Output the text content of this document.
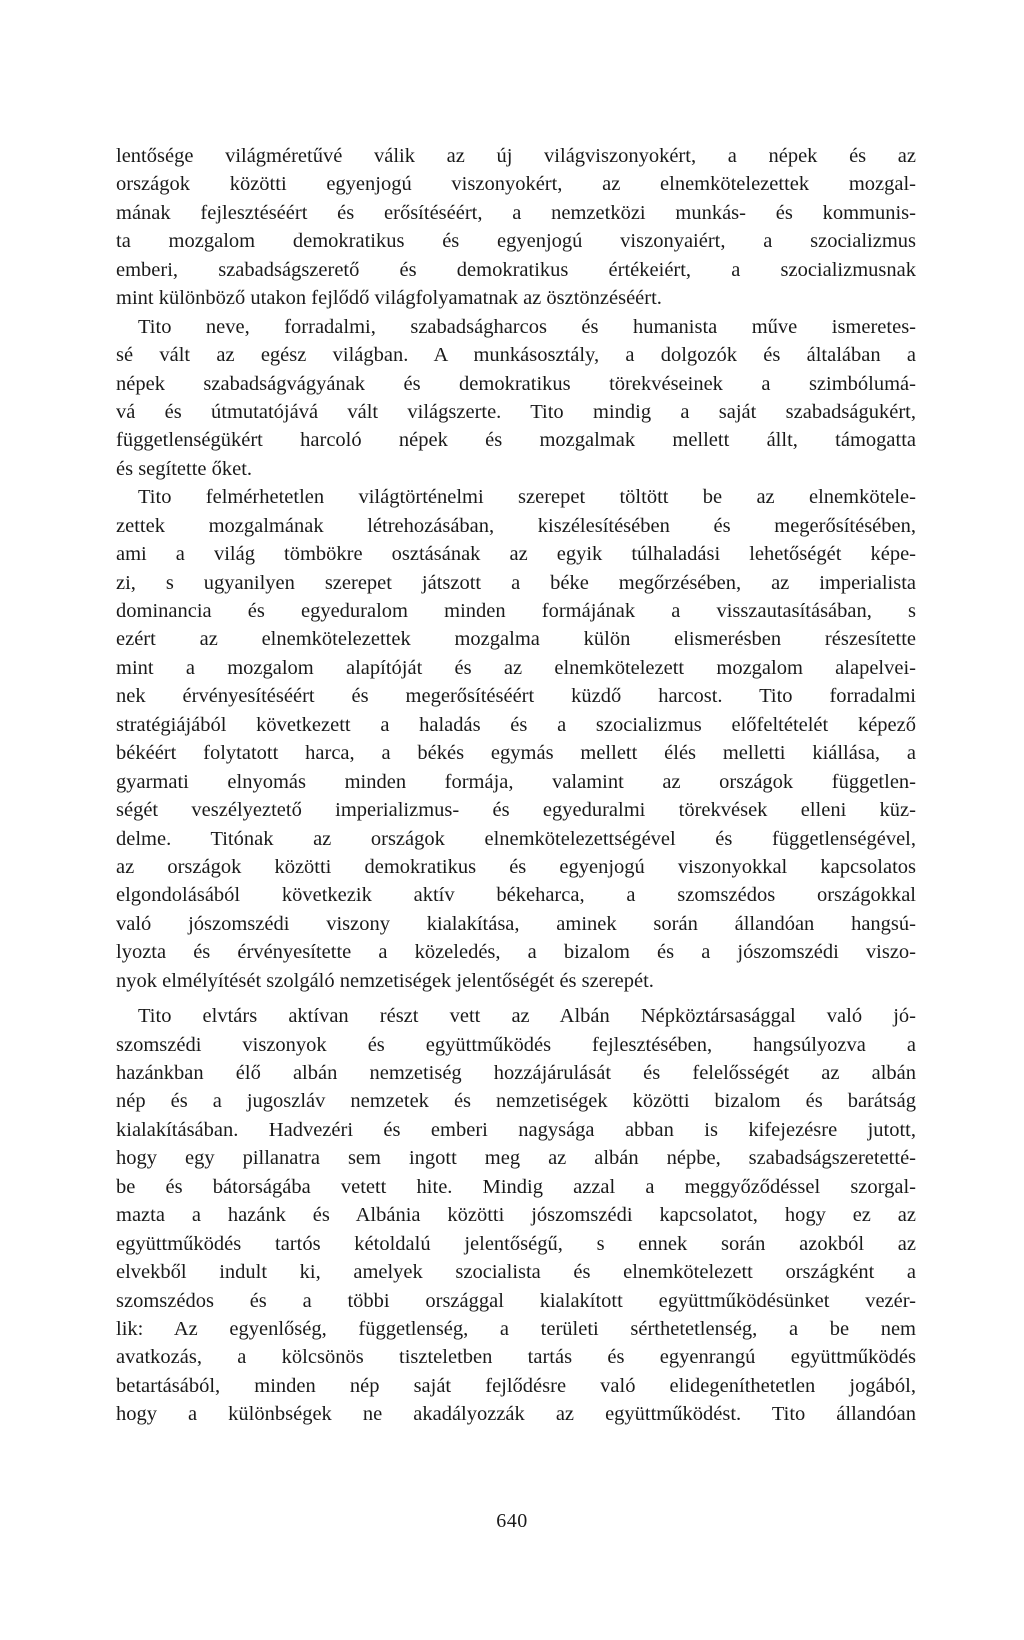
lentősége világméretűvé válik az új világviszonyokért, a népek és az
országok közötti egyenjogú viszonyokért, az elnemkötelezettek mozgal-
mának fejlesztéséért és erősítéséért, a nemzetközi munkás- és kommunis-
ta mozgalom demokratikus és egyenjogú viszonyaiért, a szocializmus
emberi, szabadságszerető és demokratikus értékeiért, a szocializmusnak
mint különböző utakon fejlődő világfolyamatnak az ösztönzéséért.
Tito neve, forradalmi, szabadságharcos és humanista műve ismeretes-
sé vált az egész világban. A munkásosztály, a dolgozók és általában a
népek szabadságvágyának és demokratikus törekvéseinek a szimbólumá-
vá és útmutatójává vált világszerte. Tito mindig a saját szabadságukért,
függetlenségükért harcoló népek és mozgalmak mellett állt, támogatta
és segítette őket.
Tito felmérhetetlen világtörténelmi szerepet töltött be az elnemkötele-
zettek mozgalmának létrehozásában, kiszélesítésében és megerősítésében,
ami a világ tömbökre osztásának az egyik túlhaladási lehetőségét képe-
zi, s ugyanilyen szerepet játszott a béke megőrzésében, az imperialista
dominancia és egyeduralom minden formájának a visszautasításában, s
ezért az elnemkötelezettek mozgalma külön elismerésben részesítette
mint a mozgalom alapítóját és az elnemkötelezett mozgalom alapelvei-
nek érvényesítéséért és megerősítéséért küzdő harcost. Tito forradalmi
stratégiájából következett a haladás és a szocializmus előfeltételét képező
békéért folytatott harca, a békés egymás mellett élés melletti kiállása, a
gyarmati elnyomás minden formája, valamint az országok független-
ségét veszélyeztető imperializmus- és egyeduralmi törekvések elleni küz-
delme. Titónak az országok elnemkötelezettségével és függetlenségével,
az országok közötti demokratikus és egyenjogú viszonyokkal kapcsolatos
elgondolásából következik aktív békeharca, a szomszédos országokkal
való jószomszédi viszony kialakítása, aminek során állandóan hangsú-
lyozta és érvényesítette a közeledés, a bizalom és a jószomszédi viszo-
nyok elmélyítését szolgáló nemzetiségek jelentőségét és szerepét.
Tito elvtárs aktívan részt vett az Albán Népköztársasággal való jó-
szomszédi viszonyok és együttműködés fejlesztésében, hangsúlyozva a
hazánkban élő albán nemzetiség hozzájárulását és felelősségét az albán
nép és a jugoszláv nemzetek és nemzetiségek közötti bizalom és barátság
kialakításában. Hadvezéri és emberi nagysága abban is kifejezésre jutott,
hogy egy pillanatra sem ingott meg az albán népbe, szabadságszeretetté-
be és bátorságába vetett hite. Mindig azzal a meggyőződéssel szorgal-
mazta a hazánk és Albánia közötti jószomszédi kapcsolatot, hogy ez az
együttműködés tartós kétoldalú jelentőségű, s ennek során azokból az
elvekből indult ki, amelyek szocialista és elnemkötelezett országként a
szomszédos és a többi országgal kialakított együttműködésünket vezér-
lik: Az egyenlőség, függetlenség, a területi sérthetetlenség, a be nem
avatkozás, a kölcsönös tiszteletben tartás és egyenrangú együttműködés
betartásából, minden nép saját fejlődésre való elidegeníthetetlen jogából,
hogy a különbségek ne akadályozzák az együttműködést. Tito állandóan
640
